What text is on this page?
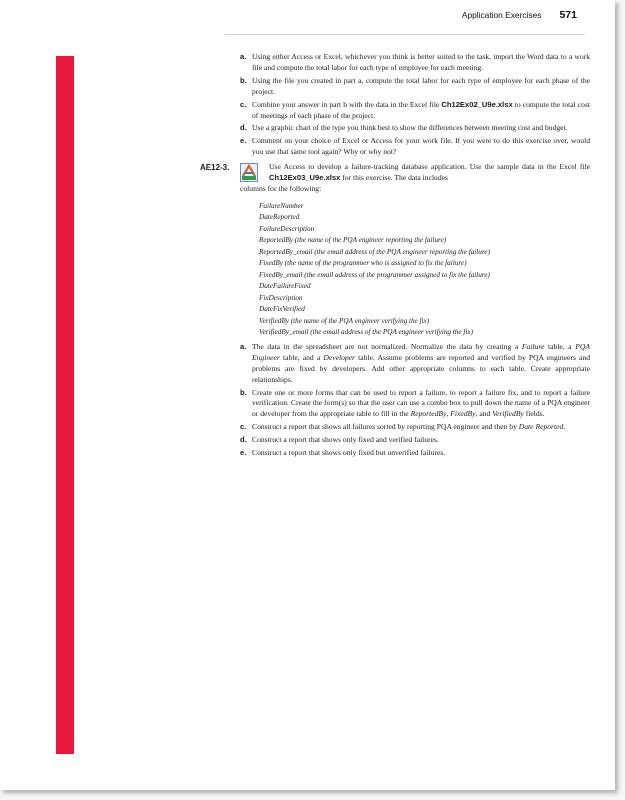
Application Exercises 571
a. Using either Access or Excel, whichever you think is better suited to the task, import the Word data to a work file and compute the total labor for each type of employee for each meeting.
b. Using the file you created in part a, compute the total labor for each type of employee for each phase of the project.
c. Combine your answer in part b with the data in the Excel file Ch12Ex02_U9e.xlsx to compute the total cost of meetings of each phase of the project.
d. Use a graphic chart of the type you think best to show the differences between meeting cost and budget.
e. Comment on your choice of Excel or Access for your work file. If you were to do this exercise over, would you use that same tool again? Why or why not?
AE12-3.	Use Access to develop a failure-tracking database application. Use the sample data in the Excel file Ch12Ex03_U9e.xlsx for this exercise. The data includes
columns for the following:
FailureNumber
DateReported
FailureDescription
ReportedBy (the name of the PQA engineer reporting the failure)
ReportedBy_email (the email address of the PQA engineer reporting the failure)
FixedBy (the name of the programmer who is assigned to fix the failure)
FixedBy_email (the email address of the programmer assigned to fix the failure)
DateFailureFixed
FixDescription
DateFixVerified
VerifiedBy (the name of the PQA engineer verifying the fix)
VerifiedBy_email (the email address of the PQA engineer verifying the fix)
a. The data in the spreadsheet are not normalized. Normalize the data by creating a Failure table, a PQA Engineer table, and a Developer table. Assume problems are reported and verified by PQA engineers and problems are fixed by developers. Add other appropriate columns to each table. Create appropriate relationships.
b. Create one or more forms that can be used to report a failure, to report a failure fix, and to report a failure verification. Create the form(s) so that the user can use a combo box to pull down the name of a PQA engineer or developer from the appropriate table to fill in the ReportedBy, FixedBy, and VerifiedBy fields.
c. Construct a report that shows all failures sorted by reporting PQA engineer and then by Date Reported.
d. Construct a report that shows only fixed and verified failures.
e. Construct a report that shows only fixed but unverified failures.
